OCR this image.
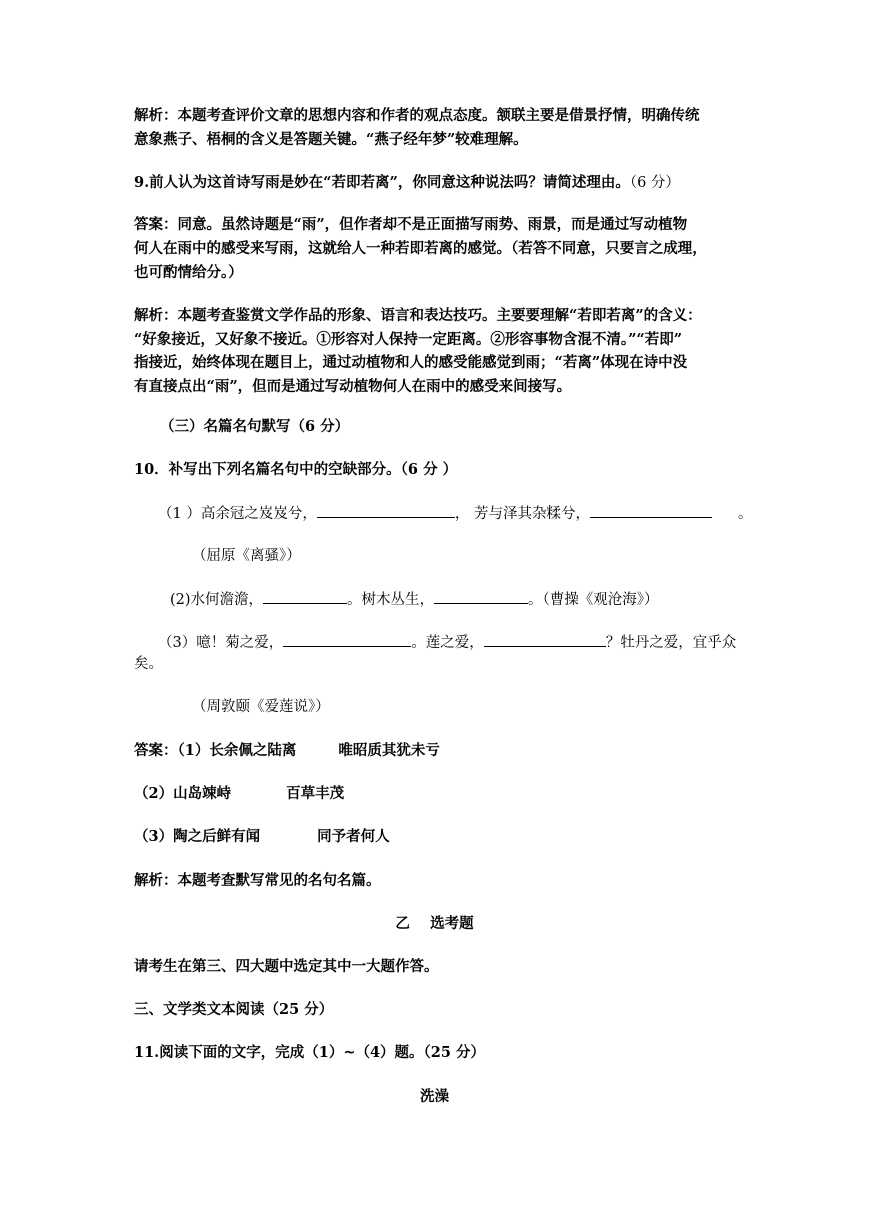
解析：本题考查评价文章的思想内容和作者的观点态度。颔联主要是借景抒情，明确传统
意象燕子、梧桐的含义是答题关键。“燕子经年梦”较难理解。
9.前人认为这首诗写雨是妙在“若即若离”，你同意这种说法吗？请简述理由。（6 分）
答案：同意。虽然诗题是“雨”，但作者却不是正面描写雨势、雨景，而是通过写动植物
何人在雨中的感受来写雨，这就给人一种若即若离的感觉。（若答不同意，只要言之成理，
也可酌情给分。）
解析：本题考查鉴赏文学作品的形象、语言和表达技巧。主要要理解“若即若离”的含义：
“好象接近，又好象不接近。①形容对人保持一定距离。②形容事物含混不清。”“若即”
指接近，始终体现在题目上，通过动植物和人的感受能感觉到雨；“若离”体现在诗中没
有直接点出“雨”，但而是通过写动植物何人在雨中的感受来间接写。
（三）名篇名句默写（6 分）
10．补写出下列名篇名句中的空缺部分。（6 分 ）
（1 ）高余冠之岌岌兮，	， 芳与泽其杂糅兮，	。
（屈原《离骚》）
(2)水何澹澹，	。树木丛生，	。（曹操《观沧海》）
（3）噫！菊之爱，	。莲之爱，	？牡丹之爱，宜乎众
矣。
（周敦颐《爱莲说》）
答案：（1）长余佩之陆离	唯昭质其犹未亏
（2）山岛竦峙	百草丰茂
（3）陶之后鲜有闻	同予者何人
解析：本题考查默写常见的名句名篇。
乙    选考题
请考生在第三、四大题中选定其中一大题作答。
三、文学类文本阅读（25 分）
11.阅读下面的文字，完成（1）~（4）题。（25 分）
洗澡
